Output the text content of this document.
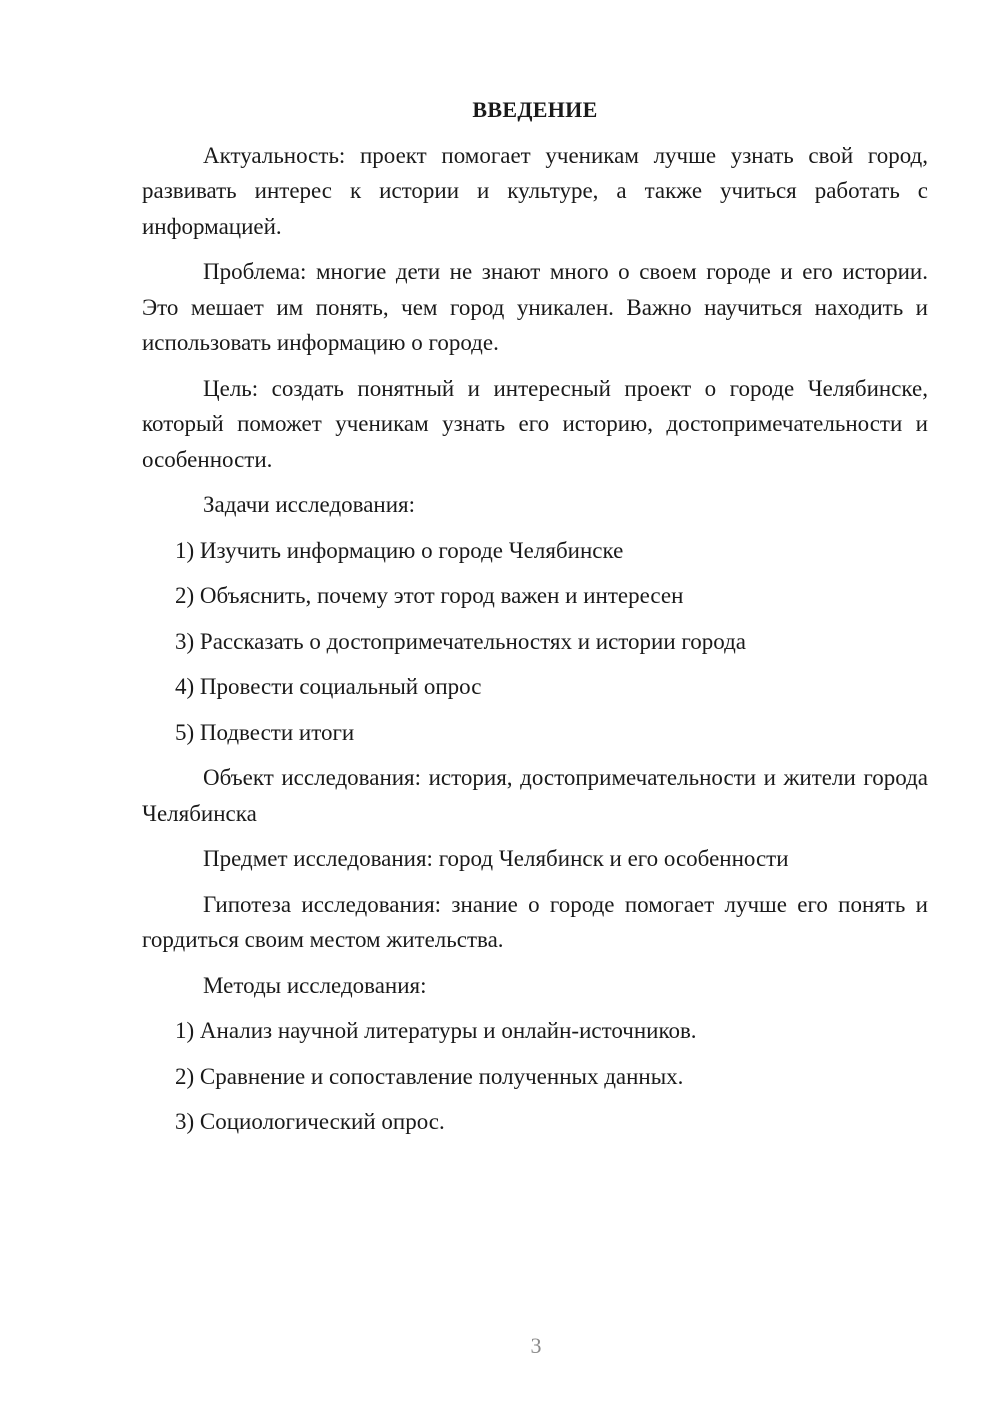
ВВЕДЕНИЕ

Актуальность: проект помогает ученикам лучше узнать свой город, развивать интерес к истории и культуре, а также учиться работать с информацией.

Проблема: многие дети не знают много о своем городе и его истории. Это мешает им понять, чем город уникален. Важно научиться находить и использовать информацию о городе.

Цель: создать понятный и интересный проект о городе Челябинске, который поможет ученикам узнать его историю, достопримечательности и особенности.

Задачи исследования:
1) Изучить информацию о городе Челябинске
2) Объяснить, почему этот город важен и интересен
3) Рассказать о достопримечательностях и истории города
4) Провести социальный опрос
5) Подвести итоги

Объект исследования: история, достопримечательности и жители города Челябинска

Предмет исследования: город Челябинск и его особенности

Гипотеза исследования: знание о городе помогает лучше его понять и гордиться своим местом жительства.

Методы исследования:
1) Анализ научной литературы и онлайн-источников.
2) Сравнение и сопоставление полученных данных.
3) Социологический опрос.
3
